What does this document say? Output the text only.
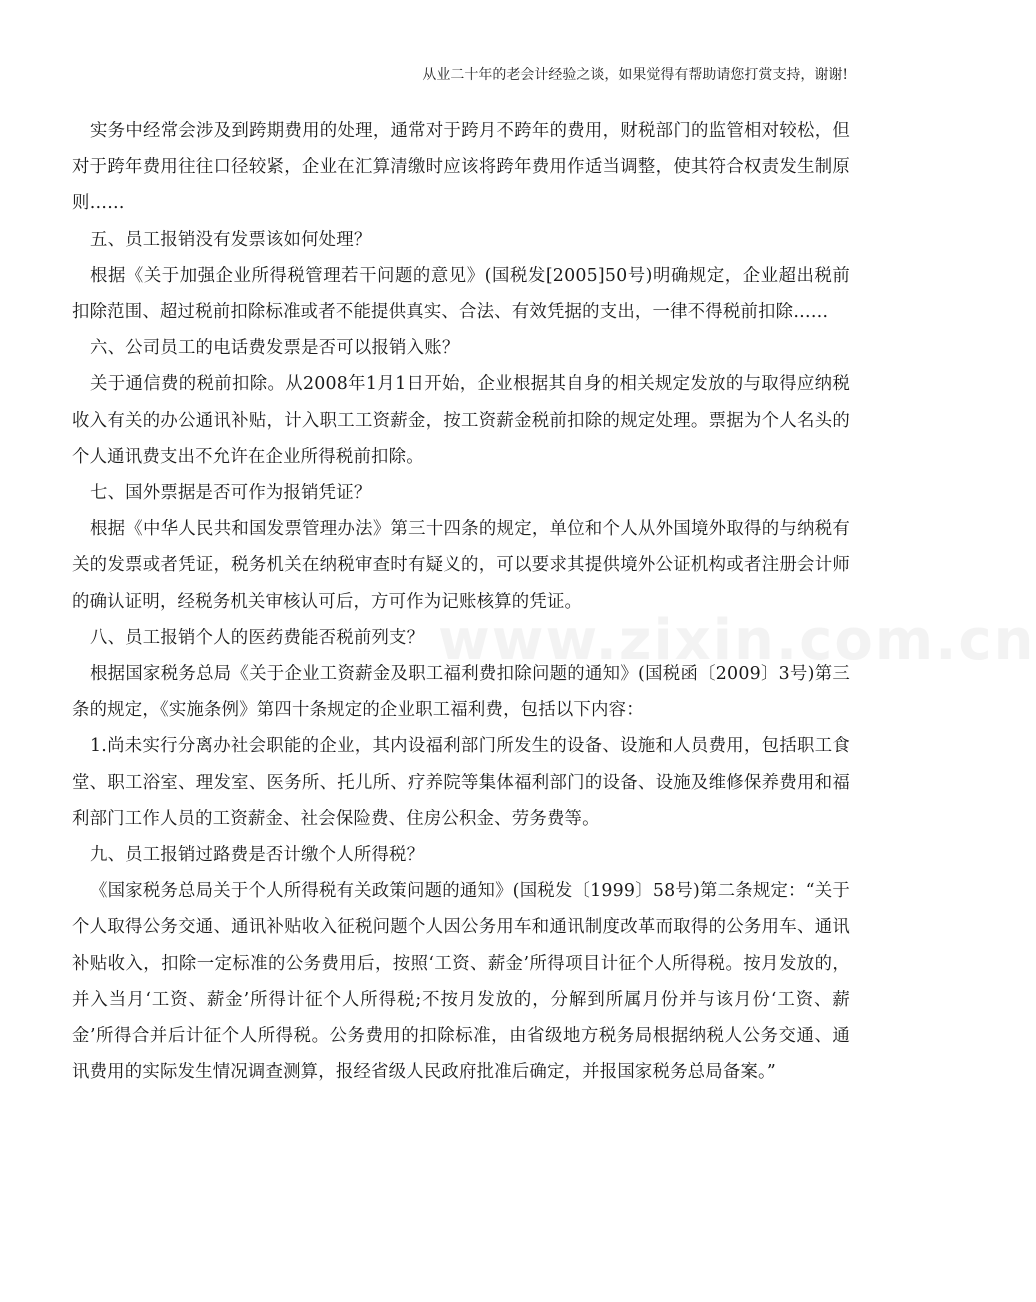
从业二十年的老会计经验之谈，如果觉得有帮助请您打赏支持，谢谢!
www.zixin.com.cn

实务中经常会涉及到跨期费用的处理，通常对于跨月不跨年的费用，财税部门的监管相对较松，但对于跨年费用往往口径较紧，企业在汇算清缴时应该将跨年费用作适当调整，使其符合权责发生制原则……

五、员工报销没有发票该如何处理？

根据《关于加强企业所得税管理若干问题的意见》(国税发[2005]50号)明确规定，企业超出税前扣除范围、超过税前扣除标准或者不能提供真实、合法、有效凭据的支出，一律不得税前扣除……

六、公司员工的电话费发票是否可以报销入账？

关于通信费的税前扣除。从2008年1月1日开始，企业根据其自身的相关规定发放的与取得应纳税收入有关的办公通讯补贴，计入职工工资薪金，按工资薪金税前扣除的规定处理。票据为个人名头的个人通讯费支出不允许在企业所得税前扣除。

七、国外票据是否可作为报销凭证？

根据《中华人民共和国发票管理办法》第三十四条的规定，单位和个人从外国境外取得的与纳税有关的发票或者凭证，税务机关在纳税审查时有疑义的，可以要求其提供境外公证机构或者注册会计师的确认证明，经税务机关审核认可后，方可作为记账核算的凭证。

八、员工报销个人的医药费能否税前列支？

根据国家税务总局《关于企业工资薪金及职工福利费扣除问题的通知》(国税函〔2009〕3号)第三条的规定，《实施条例》第四十条规定的企业职工福利费，包括以下内容：

1.尚未实行分离办社会职能的企业，其内设福利部门所发生的设备、设施和人员费用，包括职工食堂、职工浴室、理发室、医务所、托儿所、疗养院等集体福利部门的设备、设施及维修保养费用和福利部门工作人员的工资薪金、社会保险费、住房公积金、劳务费等。

九、员工报销过路费是否计缴个人所得税？

《国家税务总局关于个人所得税有关政策问题的通知》(国税发〔1999〕58号)第二条规定：“关于个人取得公务交通、通讯补贴收入征税问题个人因公务用车和通讯制度改革而取得的公务用车、通讯补贴收入，扣除一定标准的公务费用后，按照‘工资、薪金’所得项目计征个人所得税。按月发放的，并入当月‘工资、薪金’所得计征个人所得税;不按月发放的，分解到所属月份并与该月份‘工资、薪金’所得合并后计征个人所得税。公务费用的扣除标准，由省级地方税务局根据纳税人公务交通、通讯费用的实际发生情况调查测算，报经省级人民政府批准后确定，并报国家税务总局备案。”
